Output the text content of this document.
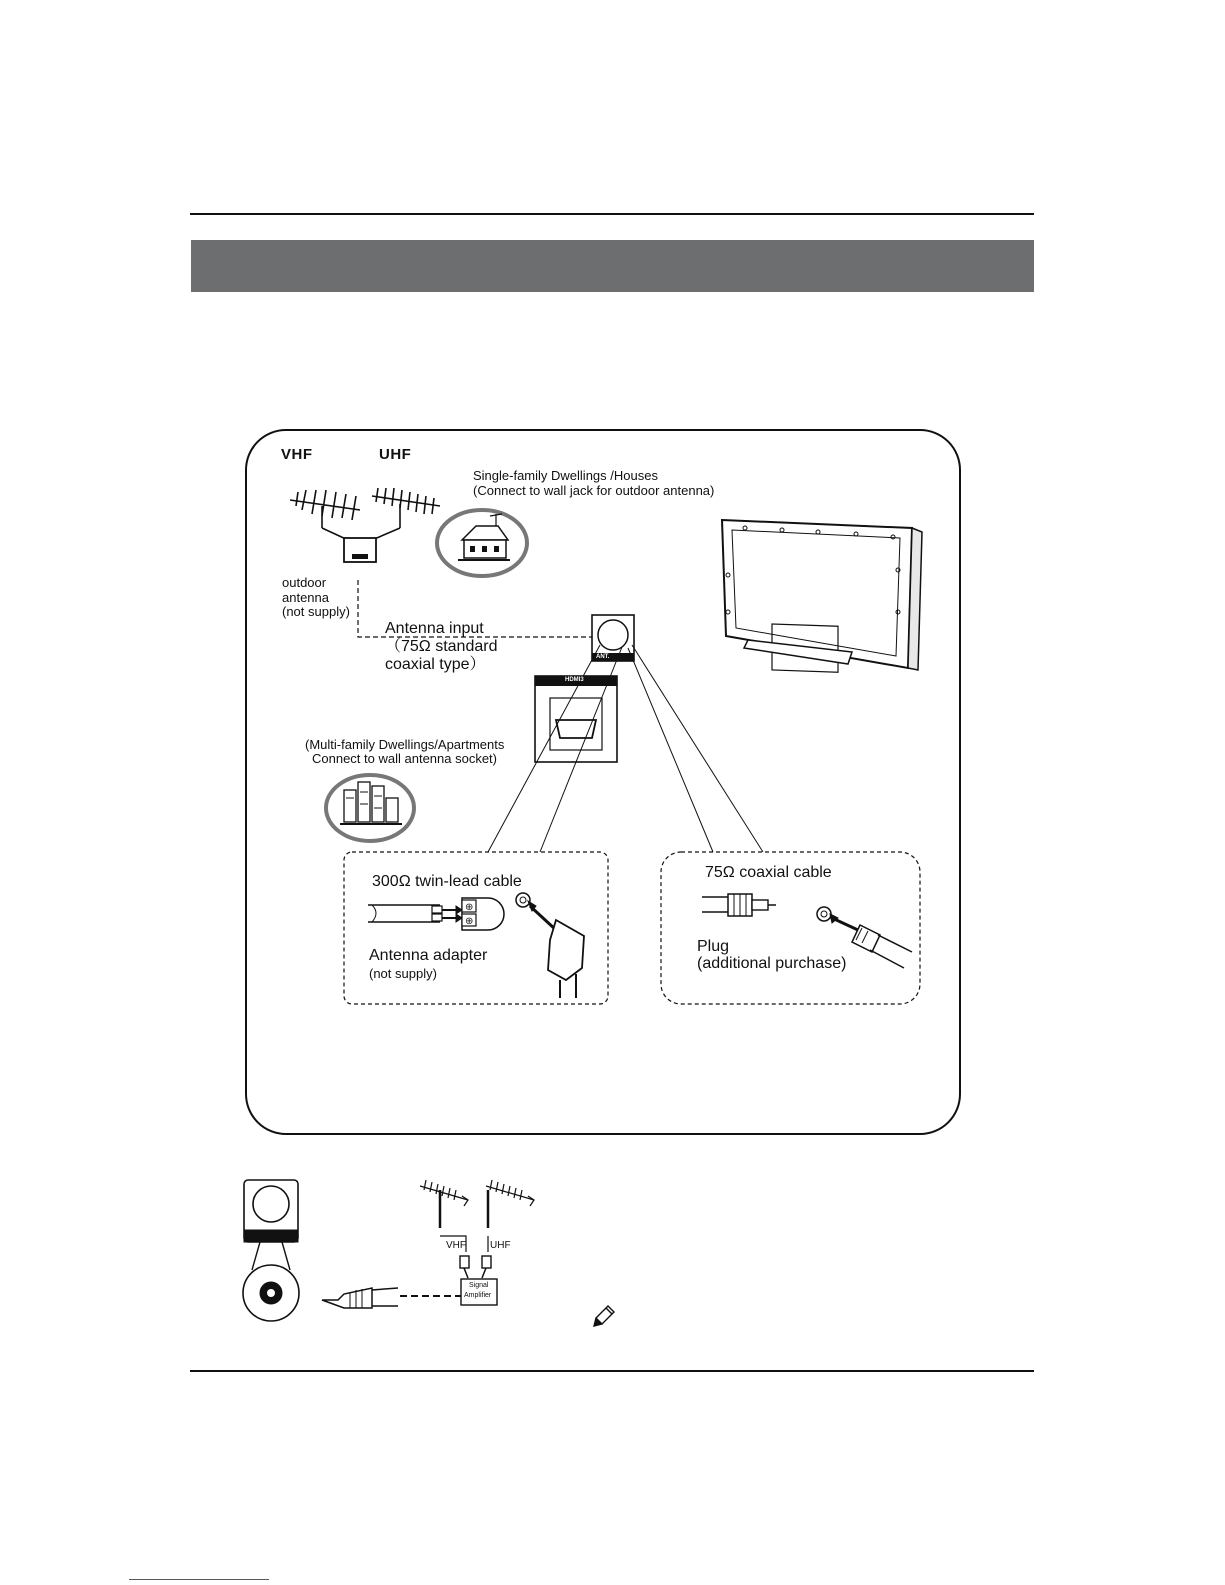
⊕
⊕
VHF	UHF
Single-family Dwellings /Houses
(Connect to wall jack for outdoor antenna)
outdoor
antenna
(not supply)
Antenna input
（75Ω standard
coaxial type）	ANT.
HDMI3
(Multi-family Dwellings/Apartments
Connect to wall antenna socket)
300Ω twin-lead cable
Antenna adapter
(not supply)
75Ω coaxial cable
Plug
(additional purchase)
VHF UHF
Signal
Amplifier
